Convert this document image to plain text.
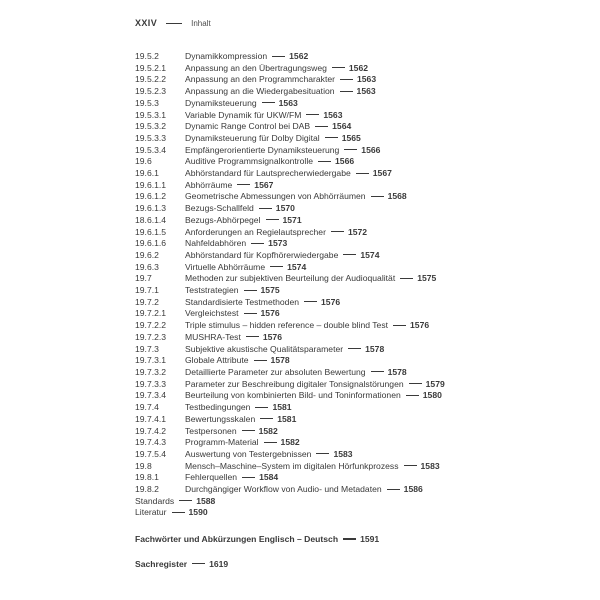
XXIV	Inhalt
19.5.2	Dynamikkompression	1562
19.5.2.1	Anpassung an den Übertragungsweg	1562
19.5.2.2	Anpassung an den Programmcharakter	1563
19.5.2.3	Anpassung an die Wiedergabesituation	1563
19.5.3	Dynamiksteuerung	1563
19.5.3.1	Variable Dynamik für UKW/FM	1563
19.5.3.2	Dynamic Range Control bei DAB	1564
19.5.3.3	Dynamiksteuerung für Dolby Digital	1565
19.5.3.4	Empfängerorientierte Dynamiksteuerung	1566
19.6	Auditive Programmsignalkontrolle	1566
19.6.1	Abhörstandard für Lautsprecherwiedergabe	1567
19.6.1.1	Abhörräume	1567
19.6.1.2	Geometrische Abmessungen von Abhörräumen	1568
19.6.1.3	Bezugs-Schallfeld	1570
18.6.1.4	Bezugs-Abhörpegel	1571
19.6.1.5	Anforderungen an Regielautsprecher	1572
19.6.1.6	Nahfeldabhören	1573
19.6.2	Abhörstandard für Kopfhörerwiedergabe	1574
19.6.3	Virtuelle Abhörräume	1574
19.7	Methoden zur subjektiven Beurteilung der Audioqualität	1575
19.7.1	Teststrategien	1575
19.7.2	Standardisierte Testmethoden	1576
19.7.2.1	Vergleichstest	1576
19.7.2.2	Triple stimulus – hidden reference – double blind Test	1576
19.7.2.3	MUSHRA-Test	1576
19.7.3	Subjektive akustische Qualitätsparameter	1578
19.7.3.1	Globale Attribute	1578
19.7.3.2	Detaillierte Parameter zur absoluten Bewertung	1578
19.7.3.3	Parameter zur Beschreibung digitaler Tonsignalstörungen	1579
19.7.3.4	Beurteilung von kombinierten Bild- und Toninformationen	1580
19.7.4	Testbedingungen	1581
19.7.4.1	Bewertungsskalen	1581
19.7.4.2	Testpersonen	1582
19.7.4.3	Programm-Material	1582
19.7.5.4	Auswertung von Testergebnissen	1583
19.8	Mensch–Maschine–System im digitalen Hörfunkprozess	1583
19.8.1	Fehlerquellen	1584
19.8.2	Durchgängiger Workflow von Audio- und Metadaten	1586
Standards	1588
Literatur	1590
Fachwörter und Abkürzungen Englisch – Deutsch	1591
Sachregister	1619
